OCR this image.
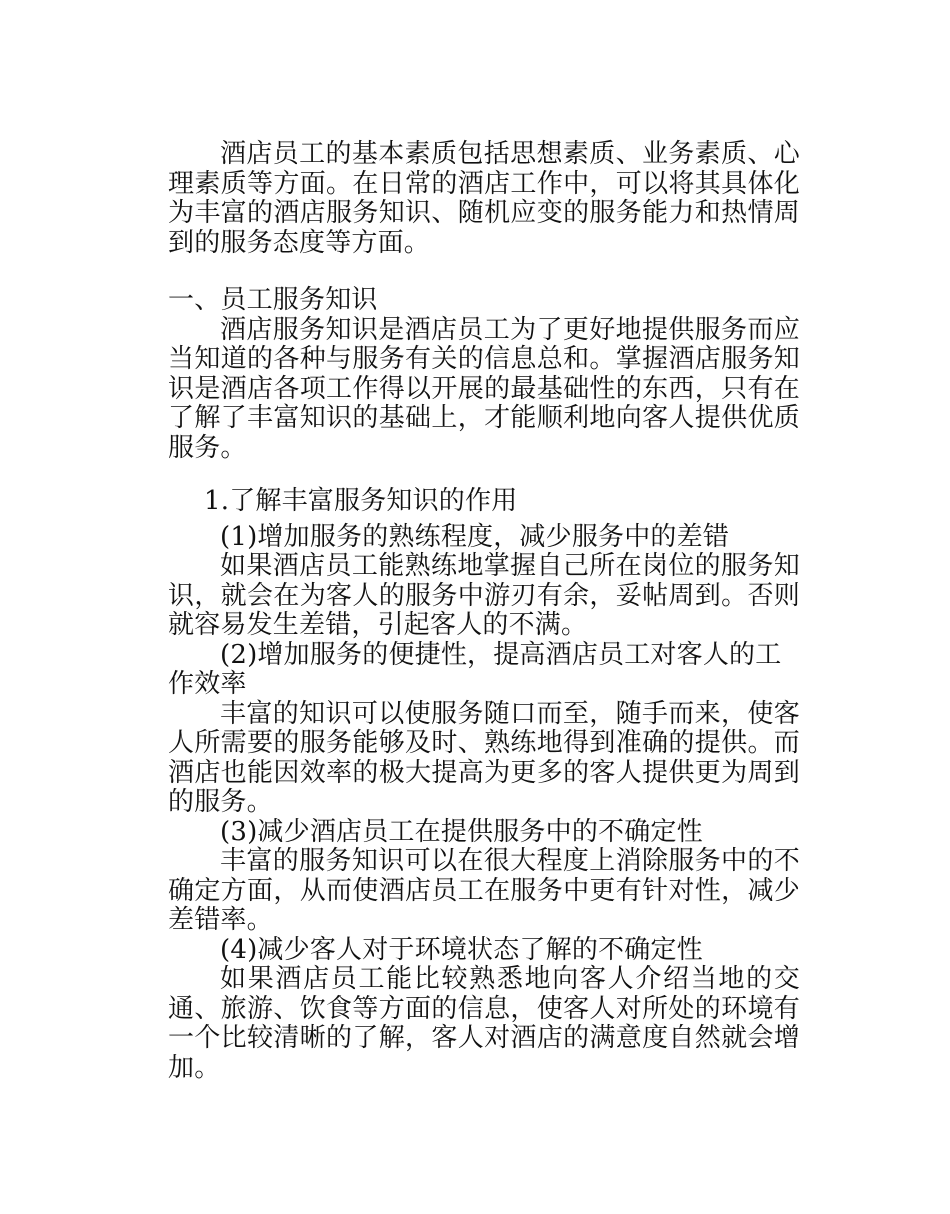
酒店员工的基本素质包括思想素质、业务素质、心理素质等方面。在日常的酒店工作中，可以将其具体化为丰富的酒店服务知识、随机应变的服务能力和热情周到的服务态度等方面。

一、员工服务知识

酒店服务知识是酒店员工为了更好地提供服务而应当知道的各种与服务有关的信息总和。掌握酒店服务知识是酒店各项工作得以开展的最基础性的东西，只有在了解了丰富知识的基础上，才能顺利地向客人提供优质服务。

1.了解丰富服务知识的作用

(1)增加服务的熟练程度，减少服务中的差错

如果酒店员工能熟练地掌握自己所在岗位的服务知识，就会在为客人的服务中游刃有余，妥帖周到。否则就容易发生差错，引起客人的不满。

(2)增加服务的便捷性，提高酒店员工对客人的工作效率

丰富的知识可以使服务随口而至，随手而来，使客人所需要的服务能够及时、熟练地得到准确的提供。而酒店也能因效率的极大提高为更多的客人提供更为周到的服务。

(3)减少酒店员工在提供服务中的不确定性

丰富的服务知识可以在很大程度上消除服务中的不确定方面，从而使酒店员工在服务中更有针对性，减少差错率。

(4)减少客人对于环境状态了解的不确定性

如果酒店员工能比较熟悉地向客人介绍当地的交通、旅游、饮食等方面的信息，使客人对所处的环境有一个比较清晰的了解，客人对酒店的满意度自然就会增加。
